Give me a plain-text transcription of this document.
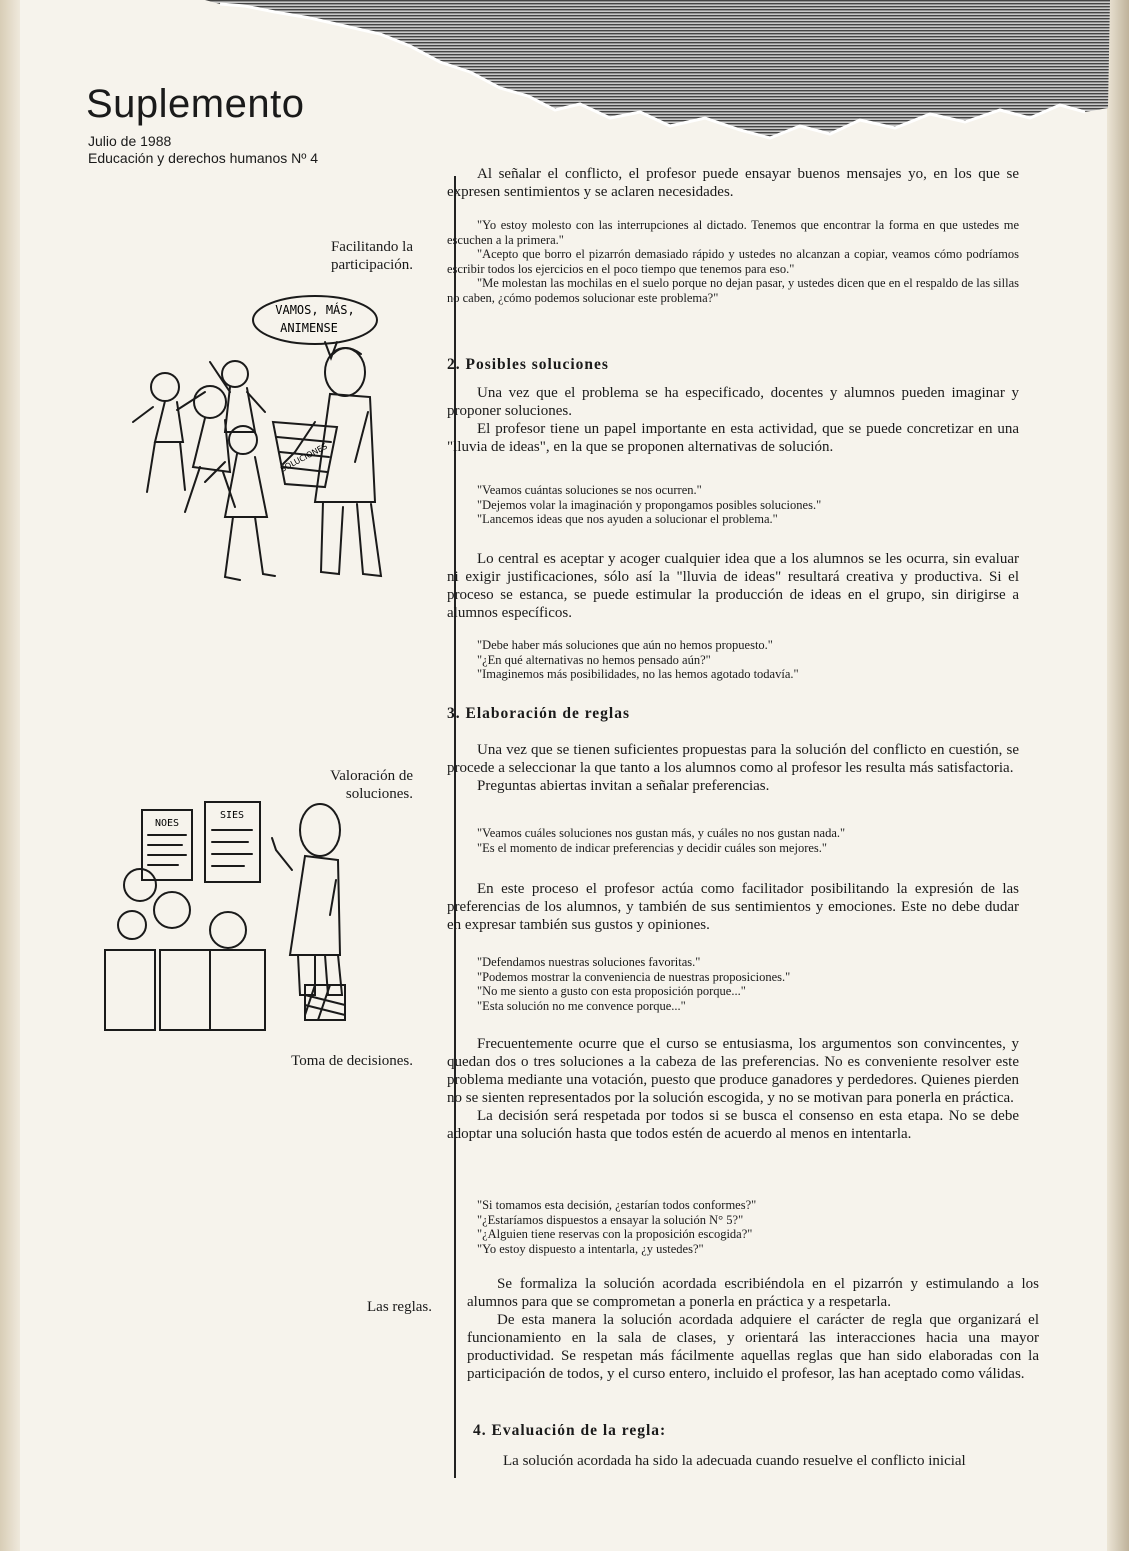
Suplemento
Julio de 1988
Educación y derechos humanos Nº 4
Facilitando la participación.
Valoración de soluciones.
Toma de decisiones.
Las reglas.
VAMOS, MÁS,
ANIMENSE
SOLUCIONES
NOES
SIES

Al señalar el conflicto, el profesor puede ensayar buenos mensajes yo, en los que se expresen sentimientos y se aclaren necesidades.

"Yo estoy molesto con las interrupciones al dictado. Tenemos que encontrar la forma en que ustedes me escuchen a la primera."

"Acepto que borro el pizarrón demasiado rápido y ustedes no alcanzan a copiar, veamos cómo podríamos escribir todos los ejercicios en el poco tiempo que tenemos para eso."

"Me molestan las mochilas en el suelo porque no dejan pasar, y ustedes dicen que en el respaldo de las sillas no caben, ¿cómo podemos solucionar este problema?"

2. Posibles soluciones

Una vez que el problema se ha especificado, docentes y alumnos pueden imaginar y proponer soluciones.

El profesor tiene un papel importante en esta actividad, que se puede concretizar en una "lluvia de ideas", en la que se proponen alternativas de solución.

"Veamos cuántas soluciones se nos ocurren."

"Dejemos volar la imaginación y propongamos posibles soluciones."

"Lancemos ideas que nos ayuden a solucionar el problema."

Lo central es aceptar y acoger cualquier idea que a los alumnos se les ocurra, sin evaluar ni exigir justificaciones, sólo así la "lluvia de ideas" resultará creativa y productiva. Si el proceso se estanca, se puede estimular la producción de ideas en el grupo, sin dirigirse a alumnos específicos.

"Debe haber más soluciones que aún no hemos propuesto."

"¿En qué alternativas no hemos pensado aún?"

"Imaginemos más posibilidades, no las hemos agotado todavía."

3. Elaboración de reglas

Una vez que se tienen suficientes propuestas para la solución del conflicto en cuestión, se procede a seleccionar la que tanto a los alumnos como al profesor les resulta más satisfactoria.

Preguntas abiertas invitan a señalar preferencias.

"Veamos cuáles soluciones nos gustan más, y cuáles no nos gustan nada."

"Es el momento de indicar preferencias y decidir cuáles son mejores."

En este proceso el profesor actúa como facilitador posibilitando la expresión de las preferencias de los alumnos, y también de sus sentimientos y emociones. Este no debe dudar en expresar también sus gustos y opiniones.

"Defendamos nuestras soluciones favoritas."

"Podemos mostrar la conveniencia de nuestras proposiciones."

"No me siento a gusto con esta proposición porque..."

"Esta solución no me convence porque..."

Frecuentemente ocurre que el curso se entusiasma, los argumentos son convincentes, y quedan dos o tres soluciones a la cabeza de las preferencias. No es conveniente resolver este problema mediante una votación, puesto que produce ganadores y perdedores. Quienes pierden no se sienten representados por la solución escogida, y no se motivan para ponerla en práctica.

La decisión será respetada por todos si se busca el consenso en esta etapa. No se debe adoptar una solución hasta que todos estén de acuerdo al menos en intentarla.

"Si tomamos esta decisión, ¿estarían todos conformes?"

"¿Estaríamos dispuestos a ensayar la solución N° 5?"

"¿Alguien tiene reservas con la proposición escogida?"

"Yo estoy dispuesto a intentarla, ¿y ustedes?"

Se formaliza la solución acordada escribiéndola en el pizarrón y estimulando a los alumnos para que se comprometan a ponerla en práctica y a respetarla.

De esta manera la solución acordada adquiere el carácter de regla que organizará el funcionamiento en la sala de clases, y orientará las interacciones hacia una mayor productividad. Se respetan más fácilmente aquellas reglas que han sido elaboradas con la participación de todos, y el curso entero, incluido el profesor, las han aceptado como válidas.

4. Evaluación de la regla:

La solución acordada ha sido la adecuada cuando resuelve el conflicto inicial
